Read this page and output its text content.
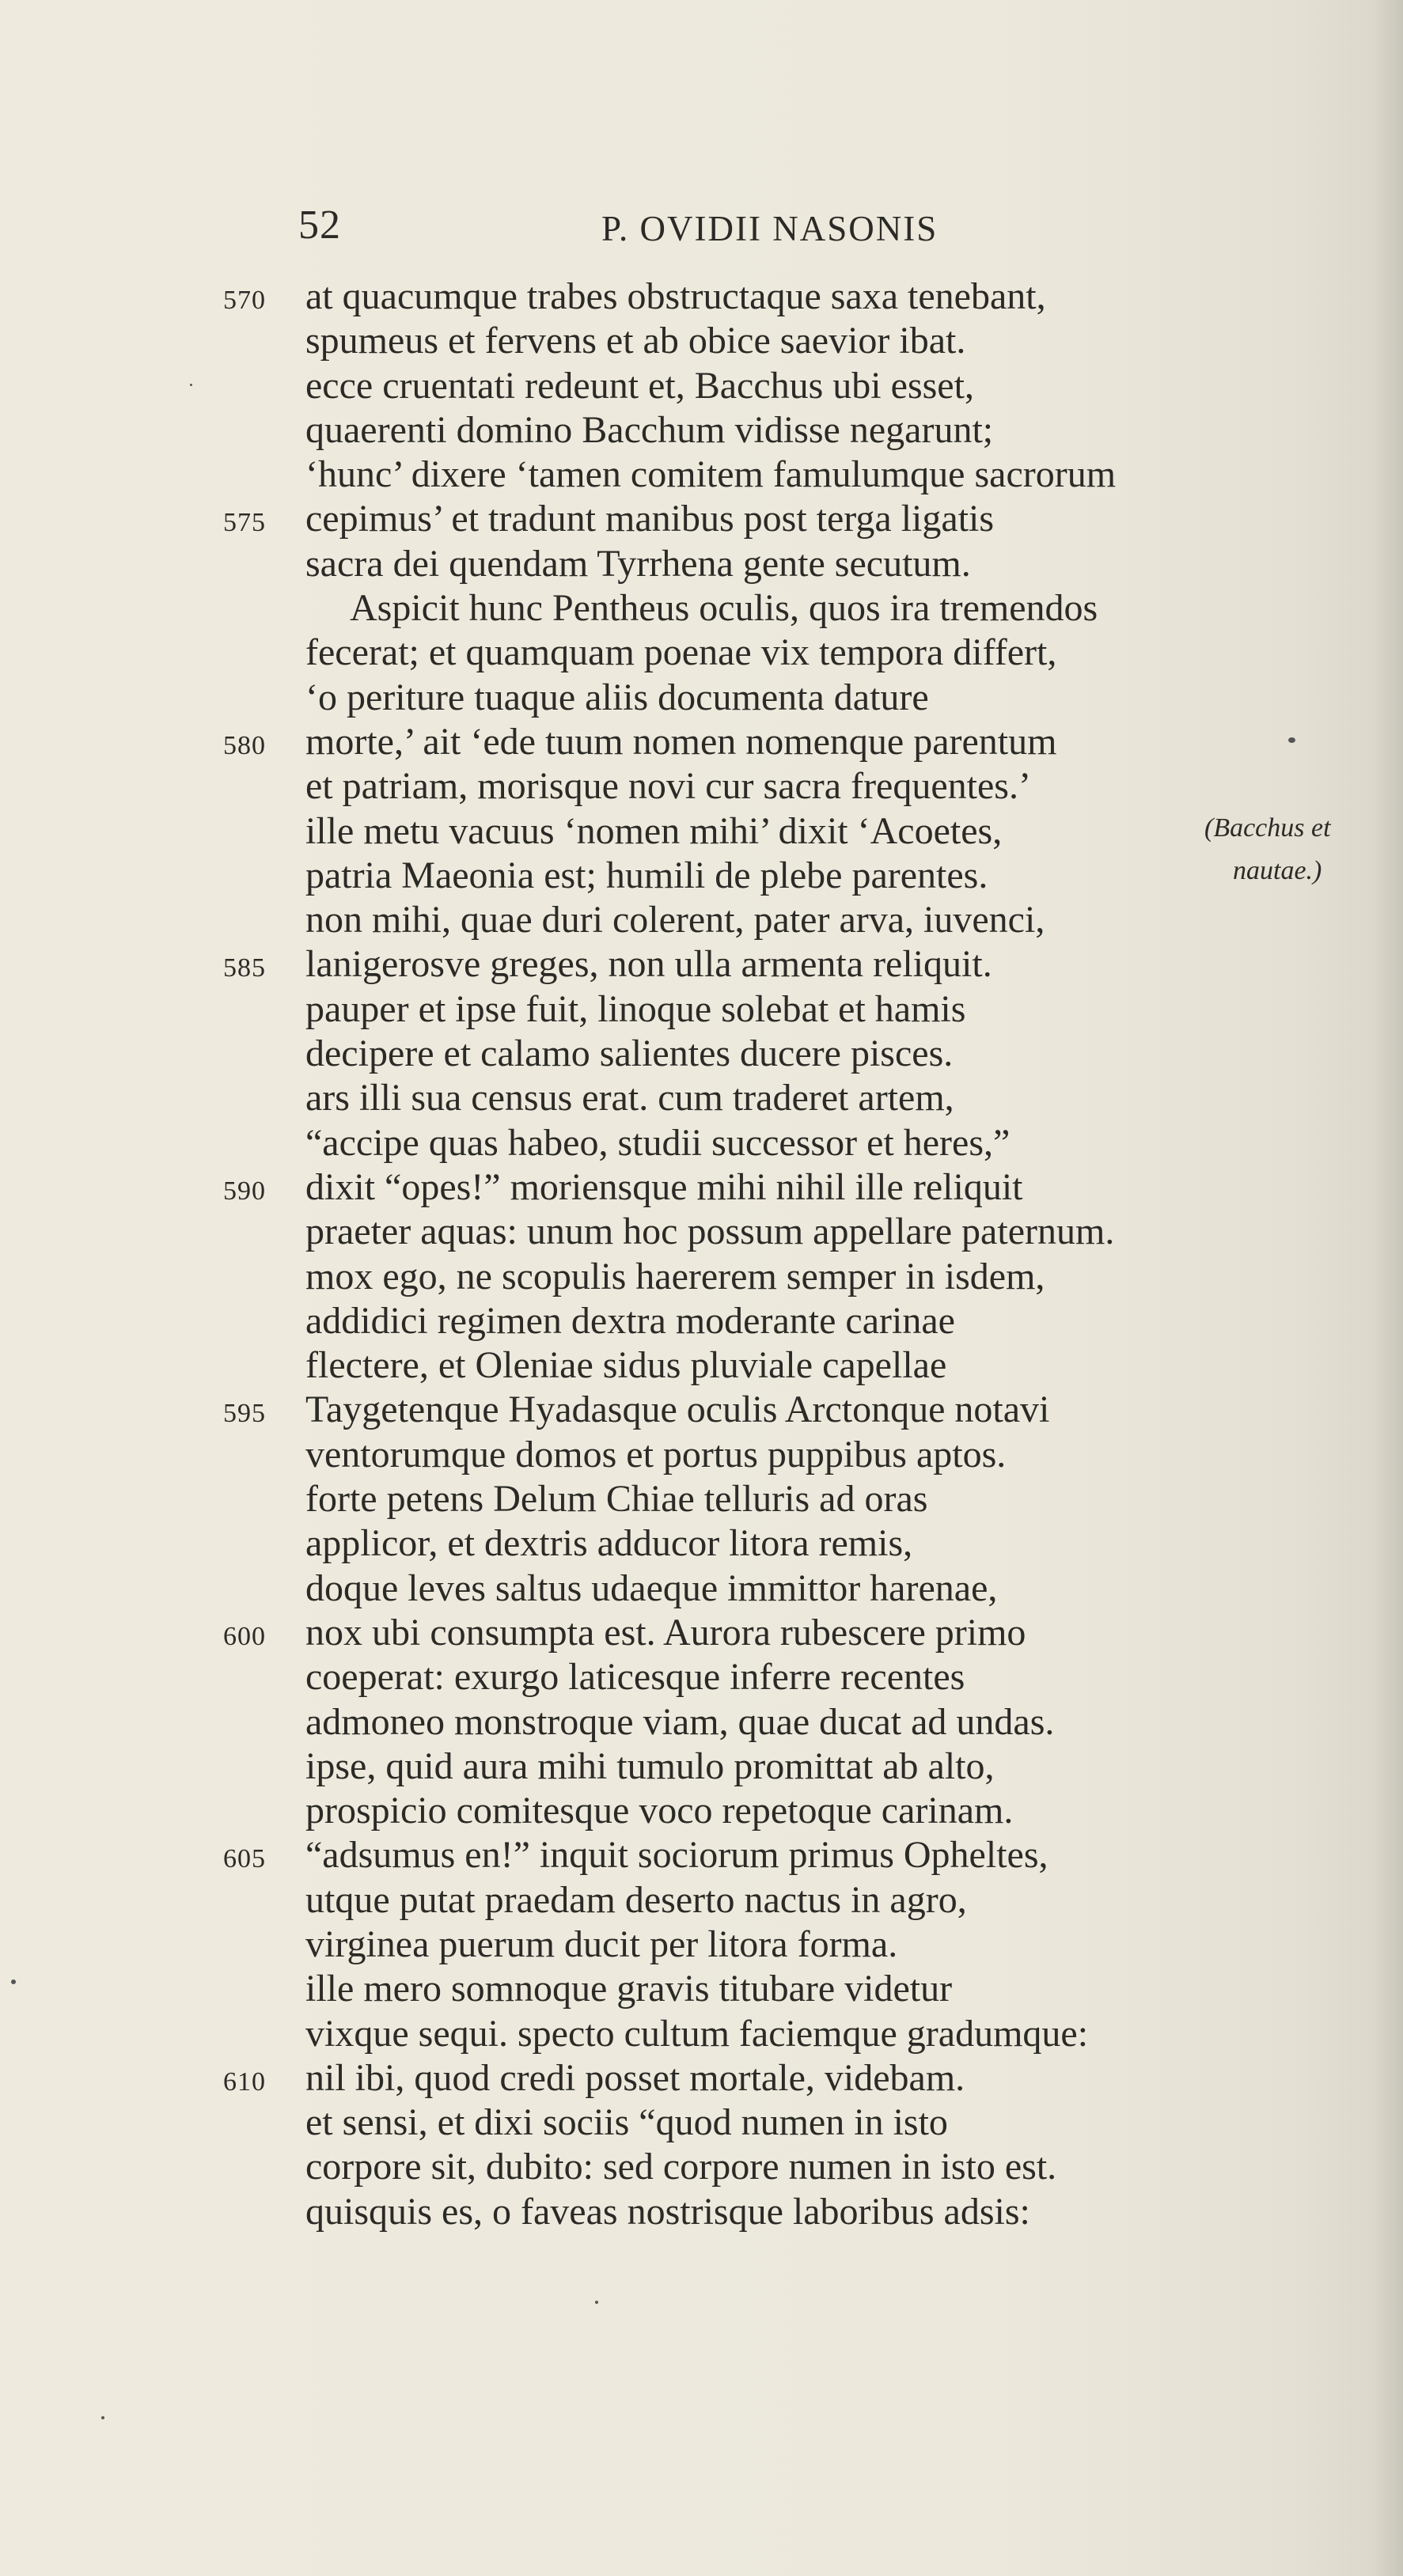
52	P. OVIDII NASONIS
570 at quacumque trabes obstructaque saxa tenebant,
spumeus et fervens et ab obice saevior ibat.
ecce cruentati redeunt et, Bacchus ubi esset,
quaerenti domino Bacchum vidisse negarunt;
‘hunc’ dixere ‘tamen comitem famulumque sacrorum
575 cepimus’ et tradunt manibus post terga ligatis
sacra dei quendam Tyrrhena gente secutum.
Aspicit hunc Pentheus oculis, quos ira tremendos
fecerat; et quamquam poenae vix tempora differt,
‘o periture tuaque aliis documenta dature
580 morte,’ ait ‘ede tuum nomen nomenque parentum
et patriam, morisque novi cur sacra frequentes.’
ille metu vacuus ‘nomen mihi’ dixit ‘Acoetes,
patria Maeonia est; humili de plebe parentes.
non mihi, quae duri colerent, pater arva, iuvenci,
585 lanigerosve greges, non ulla armenta reliquit.
pauper et ipse fuit, linoque solebat et hamis
decipere et calamo salientes ducere pisces.
ars illi sua census erat. cum traderet artem,
“accipe quas habeo, studii successor et heres,”
590 dixit “opes!” moriensque mihi nihil ille reliquit
praeter aquas: unum hoc possum appellare paternum.
mox ego, ne scopulis haererem semper in isdem,
addidici regimen dextra moderante carinae
flectere, et Oleniae sidus pluviale capellae
595 Taygetenque Hyadasque oculis Arctonque notavi
ventorumque domos et portus puppibus aptos.
forte petens Delum Chiae telluris ad oras
applicor, et dextris adducor litora remis,
doque leves saltus udaeque immittor harenae,
600 nox ubi consumpta est. Aurora rubescere primo
coeperat: exurgo laticesque inferre recentes
admoneo monstroque viam, quae ducat ad undas.
ipse, quid aura mihi tumulo promittat ab alto,
prospicio comitesque voco repetoque carinam.
605 “adsumus en!” inquit sociorum primus Opheltes,
utque putat praedam deserto nactus in agro,
virginea puerum ducit per litora forma.
ille mero somnoque gravis titubare videtur
vixque sequi. specto cultum faciemque gradumque:
610 nil ibi, quod credi posset mortale, videbam.
et sensi, et dixi sociis “quod numen in isto
corpore sit, dubito: sed corpore numen in isto est.
quisquis es, o faveas nostrisque laboribus adsis:
(Bacchus et
nautae.)
